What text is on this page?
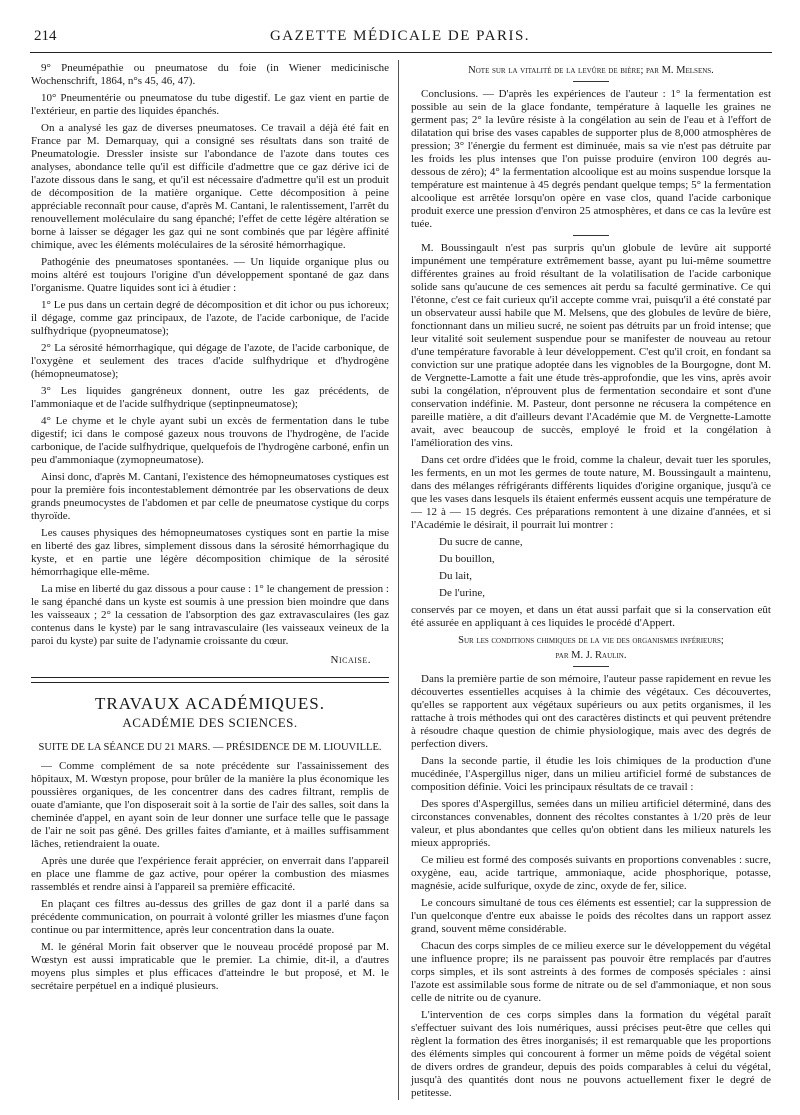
214	GAZETTE MÉDICALE DE PARIS.

9° Pneumépathie ou pneumatose du foie (in Wiener medicinische Wochenschrift, 1864, n°s 45, 46, 47).

10° Pneumentérie ou pneumatose du tube digestif. Le gaz vient en partie de l'extérieur, en partie des liquides épanchés.

On a analysé les gaz de diverses pneumatoses. Ce travail a déjà été fait en France par M. Demarquay, qui a consigné ses résultats dans son traité de Pneumatologie. Dressler insiste sur l'abondance de l'azote dans toutes ces analyses, abondance telle qu'il est difficile d'admettre que ce gaz dérive ici de l'azote dissous dans le sang, et qu'il est nécessaire d'admettre qu'il est un produit de décomposition de la matière organique. Cette décomposition à peine appréciable reconnaît pour cause, d'après M. Cantani, le ralentissement, l'arrêt du renouvellement moléculaire du sang épanché; l'effet de cette légère altération se borne à laisser se dégager les gaz qui ne sont combinés que par légère affinité chimique, avec les éléments moléculaires de la sérosité hémorrhagique.

Pathogénie des pneumatoses spontanées. — Un liquide organique plus ou moins altéré est toujours l'origine d'un développement spontané de gaz dans l'organisme. Quatre liquides sont ici à étudier :

1° Le pus dans un certain degré de décomposition et dit ichor ou pus ichoreux; il dégage, comme gaz principaux, de l'azote, de l'acide carbonique, de l'acide sulfhydrique (pyopneumatose);

2° La sérosité hémorrhagique, qui dégage de l'azote, de l'acide carbonique, de l'oxygène et seulement des traces d'acide sulfhydrique et d'hydrogène (hémopneumatose);

3° Les liquides gangréneux donnent, outre les gaz précédents, de l'ammoniaque et de l'acide sulfhydrique (septinpneumatose);

4° Le chyme et le chyle ayant subi un excès de fermentation dans le tube digestif; ici dans le composé gazeux nous trouvons de l'hydrogène, de l'acide carbonique, de l'acide sulfhydrique, quelquefois de l'hydrogène carboné, enfin un peu d'ammoniaque (zymopneumatose).

Ainsi donc, d'après M. Cantani, l'existence des hémopneumatoses cystiques est pour la première fois incontestablement démontrée par les observations de deux grands pneumocystes de l'abdomen et par celle de pneumatose cystique du corps thyroïde.

Les causes physiques des hémopneumatoses cystiques sont en partie la mise en liberté des gaz libres, simplement dissous dans la sérosité hémorrhagique du kyste, et en partie une légère décomposition chimique de la sérosité hémorrhagique elle-même.

La mise en liberté du gaz dissous a pour cause : 1° le changement de pression : le sang épanché dans un kyste est soumis à une pression bien moindre que dans les vaisseaux ; 2° la cessation de l'absorption des gaz extravasculaires (les gaz contenus dans le kyste) par le sang intravasculaire (les vaisseaux veineux de la paroi du kyste) par suite de l'adynamie croissante du cœur.

Nicaise.
TRAVAUX ACADÉMIQUES.
ACADÉMIE DES SCIENCES.
SUITE DE LA SÉANCE DU 21 MARS. — PRÉSIDENCE DE M. LIOUVILLE.

— Comme complément de sa note précédente sur l'assainissement des hôpitaux, M. Wœstyn propose, pour brûler de la manière la plus économique les poussières organiques, de les concentrer dans des cadres filtrant, remplis de ouate d'amiante, que l'on disposerait soit à la sortie de l'air des salles, soit dans la cheminée d'appel, en ayant soin de leur donner une surface telle que le passage de l'air ne soit pas gêné. Des grilles faites d'amiante, et à mailles suffisamment lâches, retiendraient la ouate.

Après une durée que l'expérience ferait apprécier, on enverrait dans l'appareil en place une flamme de gaz active, pour opérer la combustion des miasmes rassemblés et rendre ainsi à l'appareil sa première efficacité.

En plaçant ces filtres au-dessus des grilles de gaz dont il a parlé dans sa précédente communication, on pourrait à volonté griller les miasmes d'une façon continue ou par intermittence, après leur concentration dans la ouate.

M. le général Morin fait observer que le nouveau procédé proposé par M. Wœstyn est aussi impraticable que le premier. La chimie, dit-il, a d'autres moyens plus simples et plus efficaces d'atteindre le but proposé, et M. le secrétaire perpétuel en a indiqué plusieurs.

Note sur la vitalité de la levûre de bière; par M. Melsens.

Conclusions. — D'après les expériences de l'auteur : 1° la fermentation est possible au sein de la glace fondante, température à laquelle les graines ne germent pas; 2° la levûre résiste à la congélation au sein de l'eau et à l'effort de dilatation qui brise des vases capables de supporter plus de 8,000 atmosphères de pression; 3° l'énergie du ferment est diminuée, mais sa vie n'est pas détruite par les froids les plus intenses que l'on puisse produire (environ 100 degrés au-dessous de zéro); 4° la fermentation alcoolique est au moins suspendue lorsque la température est maintenue à 45 degrés pendant quelque temps; 5° la fermentation alcoolique est arrêtée lorsqu'on opère en vase clos, quand l'acide carbonique produit exerce une pression d'environ 25 atmosphères, et dans ce cas la levûre est tuée.

M. Boussingault n'est pas surpris qu'un globule de levûre ait supporté impunément une température extrêmement basse, ayant pu lui-même soumettre différentes graines au froid résultant de la volatilisation de l'acide carbonique solide sans qu'aucune de ces semences ait perdu sa faculté germinative. Ce qui l'étonne, c'est ce fait curieux qu'il accepte comme vrai, puisqu'il a été constaté par un observateur aussi habile que M. Melsens, que des globules de levûre de bière, fonctionnant dans un milieu sucré, ne soient pas détruits par un froid intense; que leur vitalité soit seulement suspendue pour se manifester de nouveau au retour d'une température favorable à leur développement. C'est qu'il croit, en fondant sa conviction sur une pratique adoptée dans les vignobles de la Bourgogne, dont M. de Vergnette-Lamotte a fait une étude très-approfondie, que les vins, après avoir subi la congélation, n'éprouvent plus de fermentation secondaire et sont d'une conservation indéfinie. M. Pasteur, dont personne ne récusera la compétence en pareille matière, a dit d'ailleurs devant l'Académie que M. de Vergnette-Lamotte avait, avec beaucoup de succès, employé le froid et la congélation à l'amélioration des vins.

Dans cet ordre d'idées que le froid, comme la chaleur, devait tuer les sporules, les ferments, en un mot les germes de toute nature, M. Boussingault a maintenu, dans des mélanges réfrigérants différents liquides d'origine organique, jusqu'à ce que les vases dans lesquels ils étaient enfermés eussent acquis une température de — 12 à — 15 degrés. Ces préparations remontent à une dizaine d'années, et si l'Académie le désirait, il pourrait lui montrer :

Du sucre de canne,
Du bouillon,
Du lait,
De l'urine,

conservés par ce moyen, et dans un état aussi parfait que si la conservation eût été assurée en appliquant à ces liquides le procédé d'Appert.

Sur les conditions chimiques de la vie des organismes inférieurs;
par M. J. Raulin.

Dans la première partie de son mémoire, l'auteur passe rapidement en revue les découvertes essentielles acquises à la chimie des végétaux. Ces découvertes, qu'elles se rapportent aux végétaux supérieurs ou aux petits organismes, il les rattache à trois méthodes qui ont des caractères distincts et qui peuvent prétendre à résoudre chaque question de chimie physiologique, mais avec des degrés de perfection divers.

Dans la seconde partie, il étudie les lois chimiques de la production d'une mucédinée, l'Aspergillus niger, dans un milieu artificiel formé de substances de composition définie. Voici les principaux résultats de ce travail :

Des spores d'Aspergillus, semées dans un milieu artificiel déterminé, dans des circonstances convenables, donnent des récoltes constantes à 1/20 près de leur valeur, et plus abondantes que celles qu'on obtient dans les milieux naturels les mieux appropriés.

Ce milieu est formé des composés suivants en proportions convenables : sucre, oxygène, eau, acide tartrique, ammoniaque, acide phosphorique, potasse, magnésie, acide sulfurique, oxyde de zinc, oxyde de fer, silice.

Le concours simultané de tous ces éléments est essentiel; car la suppression de l'un quelconque d'entre eux abaisse le poids des récoltes dans un rapport assez grand, souvent même considérable.

Chacun des corps simples de ce milieu exerce sur le développement du végétal une influence propre; ils ne paraissent pas pouvoir être remplacés par d'autres corps simples, et ils sont astreints à des formes de composés spéciales : ainsi l'azote est assimilable sous forme de nitrate ou de sel d'ammoniaque, et non sous celle de nitrite ou de cyanure.

L'intervention de ces corps simples dans la formation du végétal paraît s'effectuer suivant des lois numériques, aussi précises peut-être que celles qui règlent la formation des êtres inorganisés; il est remarquable que les proportions des éléments simples qui concourent à former un même poids de végétal soient de divers ordres de grandeur, depuis des poids comparables à celui du végétal, jusqu'à des quantités dont nous ne pouvons actuellement fixer le degré de petitesse.
